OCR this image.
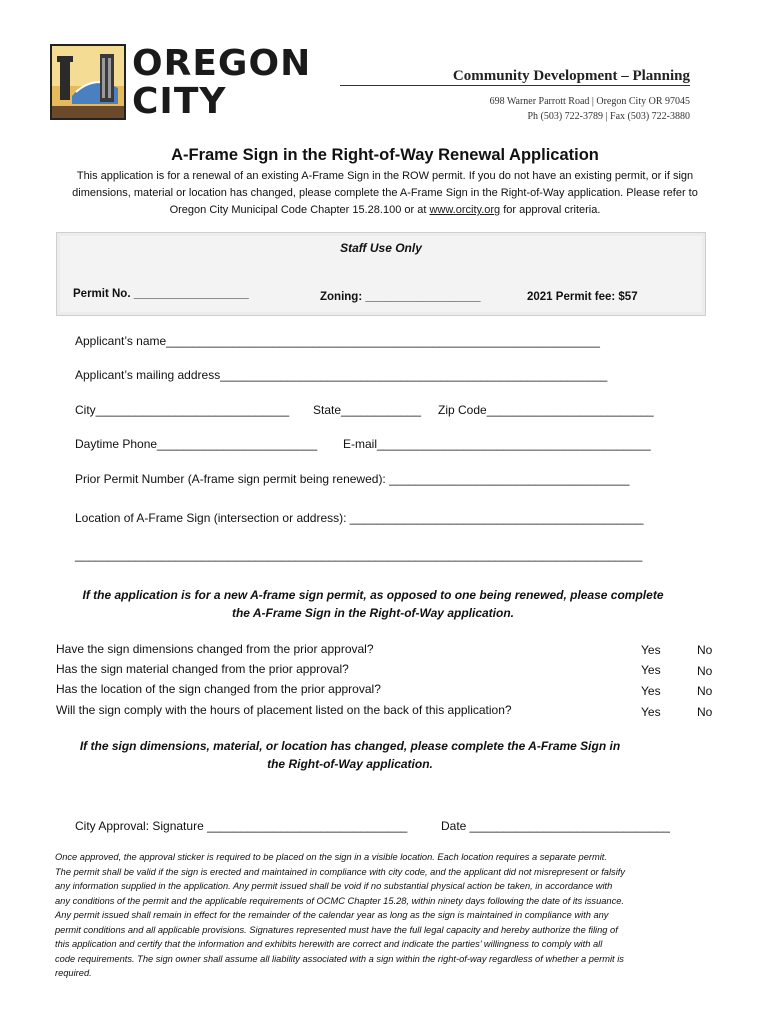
OREGON
CITY
Community Development – Planning
698 Warner Parrott Road | Oregon City OR 97045
Ph (503) 722-3789 | Fax (503) 722-3880
A-Frame Sign in the Right-of-Way Renewal Application
This application is for a renewal of an existing A-Frame Sign in the ROW permit. If you do not have an existing permit, or if sign
dimensions, material or location has changed, please complete the A-Frame Sign in the Right-of-Way application. Please refer to
Oregon City Municipal Code Chapter 15.28.100 or at www.orcity.org for approval criteria.
Staff Use Only
Permit No. __________________	Zoning: __________________	2021 Permit fee: $57
Applicant’s name_________________________________________________________________
Applicant’s mailing address__________________________________________________________
City_____________________________ State____________ Zip Code_________________________
Daytime Phone________________________ E-mail_________________________________________
Prior Permit Number (A-frame sign permit being renewed): ____________________________________
Location of A-Frame Sign (intersection or address): ____________________________________________
_____________________________________________________________________________________
If the application is for a new A-frame sign permit, as opposed to one being renewed, please complete
the A-Frame Sign in the Right-of-Way application.
Have the sign dimensions changed from the prior approval?	Yes	No
Has the sign material changed from the prior approval?	Yes	No
Has the location of the sign changed from the prior approval?	Yes	No
Will the sign comply with the hours of placement listed on the back of this application?	Yes	No
If the sign dimensions, material, or location has changed, please complete the A-Frame Sign in
the Right-of-Way application.
City Approval: Signature ______________________________	Date ______________________________
Once approved, the approval sticker is required to be placed on the sign in a visible location. Each location requires a separate permit.
The permit shall be valid if the sign is erected and maintained in compliance with city code, and the applicant did not misrepresent or falsify
any information supplied in the application. Any permit issued shall be void if no substantial physical action be taken, in accordance with
any conditions of the permit and the applicable requirements of OCMC Chapter 15.28, within ninety days following the date of its issuance.
Any permit issued shall remain in effect for the remainder of the calendar year as long as the sign is maintained in compliance with any
permit conditions and all applicable provisions. Signatures represented must have the full legal capacity and hereby authorize the filing of
this application and certify that the information and exhibits herewith are correct and indicate the parties’ willingness to comply with all
code requirements. The sign owner shall assume all liability associated with a sign within the right-of-way regardless of whether a permit is
required.
